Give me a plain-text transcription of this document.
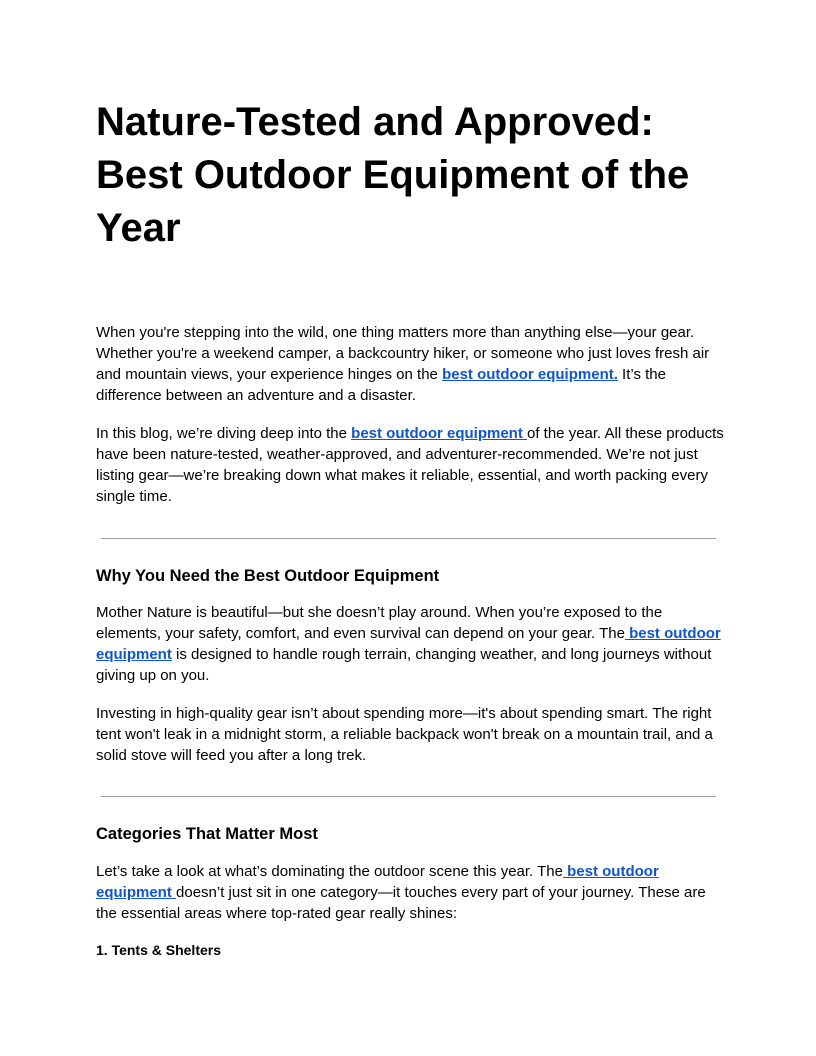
Nature-Tested and Approved: Best Outdoor Equipment of the Year

When you're stepping into the wild, one thing matters more than anything else—your gear. Whether you're a weekend camper, a backcountry hiker, or someone who just loves fresh air and mountain views, your experience hinges on the best outdoor equipment. It’s the difference between an adventure and a disaster.

In this blog, we’re diving deep into the best outdoor equipment of the year. All these products have been nature-tested, weather-approved, and adventurer-recommended. We’re not just listing gear—we’re breaking down what makes it reliable, essential, and worth packing every single time.

Why You Need the Best Outdoor Equipment

Mother Nature is beautiful—but she doesn’t play around. When you’re exposed to the elements, your safety, comfort, and even survival can depend on your gear. The best outdoor equipment is designed to handle rough terrain, changing weather, and long journeys without giving up on you.

Investing in high-quality gear isn’t about spending more—it's about spending smart. The right tent won't leak in a midnight storm, a reliable backpack won't break on a mountain trail, and a solid stove will feed you after a long trek.

Categories That Matter Most

Let’s take a look at what’s dominating the outdoor scene this year. The best outdoor equipment doesn’t just sit in one category—it touches every part of your journey. These are the essential areas where top-rated gear really shines:

1. Tents & Shelters
